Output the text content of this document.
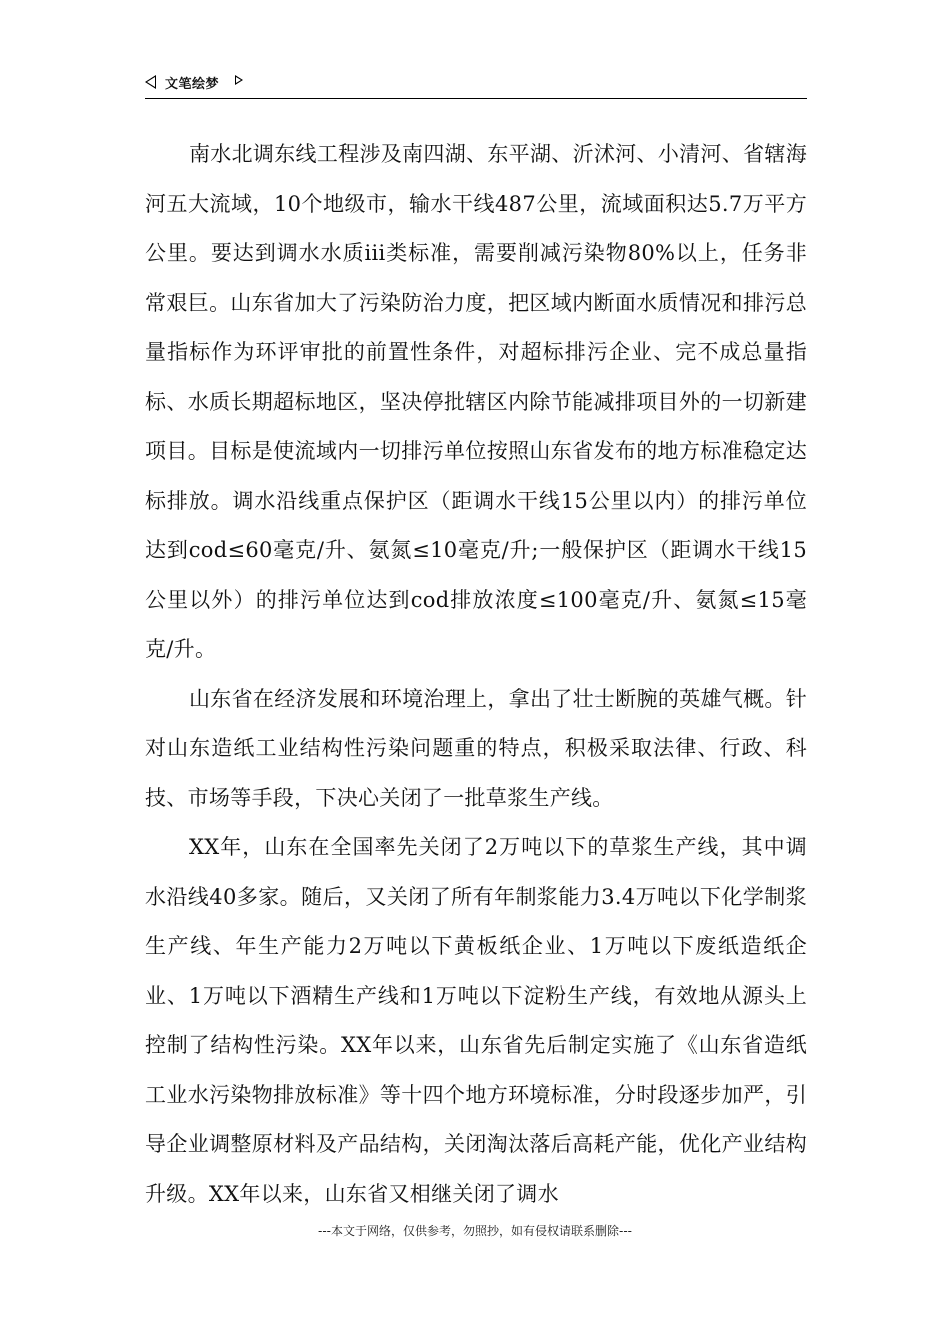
文笔绘梦

南水北调东线工程涉及南四湖、东平湖、沂沭河、小清河、省辖海河五大流域，10个地级市，输水干线487公里，流域面积达5.7万平方公里。要达到调水水质iii类标准，需要削减污染物80%以上，任务非常艰巨。山东省加大了污染防治力度，把区域内断面水质情况和排污总量指标作为环评审批的前置性条件，对超标排污企业、完不成总量指标、水质长期超标地区，坚决停批辖区内除节能减排项目外的一切新建项目。目标是使流域内一切排污单位按照山东省发布的地方标准稳定达标排放。调水沿线重点保护区（距调水干线15公里以内）的排污单位达到cod≤60毫克/升、氨氮≤10毫克/升;一般保护区（距调水干线15公里以外）的排污单位达到cod排放浓度≤100毫克/升、氨氮≤15毫克/升。

山东省在经济发展和环境治理上，拿出了壮士断腕的英雄气概。针对山东造纸工业结构性污染问题重的特点，积极采取法律、行政、科技、市场等手段，下决心关闭了一批草浆生产线。

XX年，山东在全国率先关闭了2万吨以下的草浆生产线，其中调水沿线40多家。随后，又关闭了所有年制浆能力3.4万吨以下化学制浆生产线、年生产能力2万吨以下黄板纸企业、1万吨以下废纸造纸企业、1万吨以下酒精生产线和1万吨以下淀粉生产线，有效地从源头上控制了结构性污染。XX年以来，山东省先后制定实施了《山东省造纸工业水污染物排放标准》等十四个地方环境标准，分时段逐步加严，引导企业调整原材料及产品结构，关闭淘汰落后高耗产能，优化产业结构升级。XX年以来，山东省又相继关闭了调水

---本文于网络，仅供参考，勿照抄，如有侵权请联系删除---
